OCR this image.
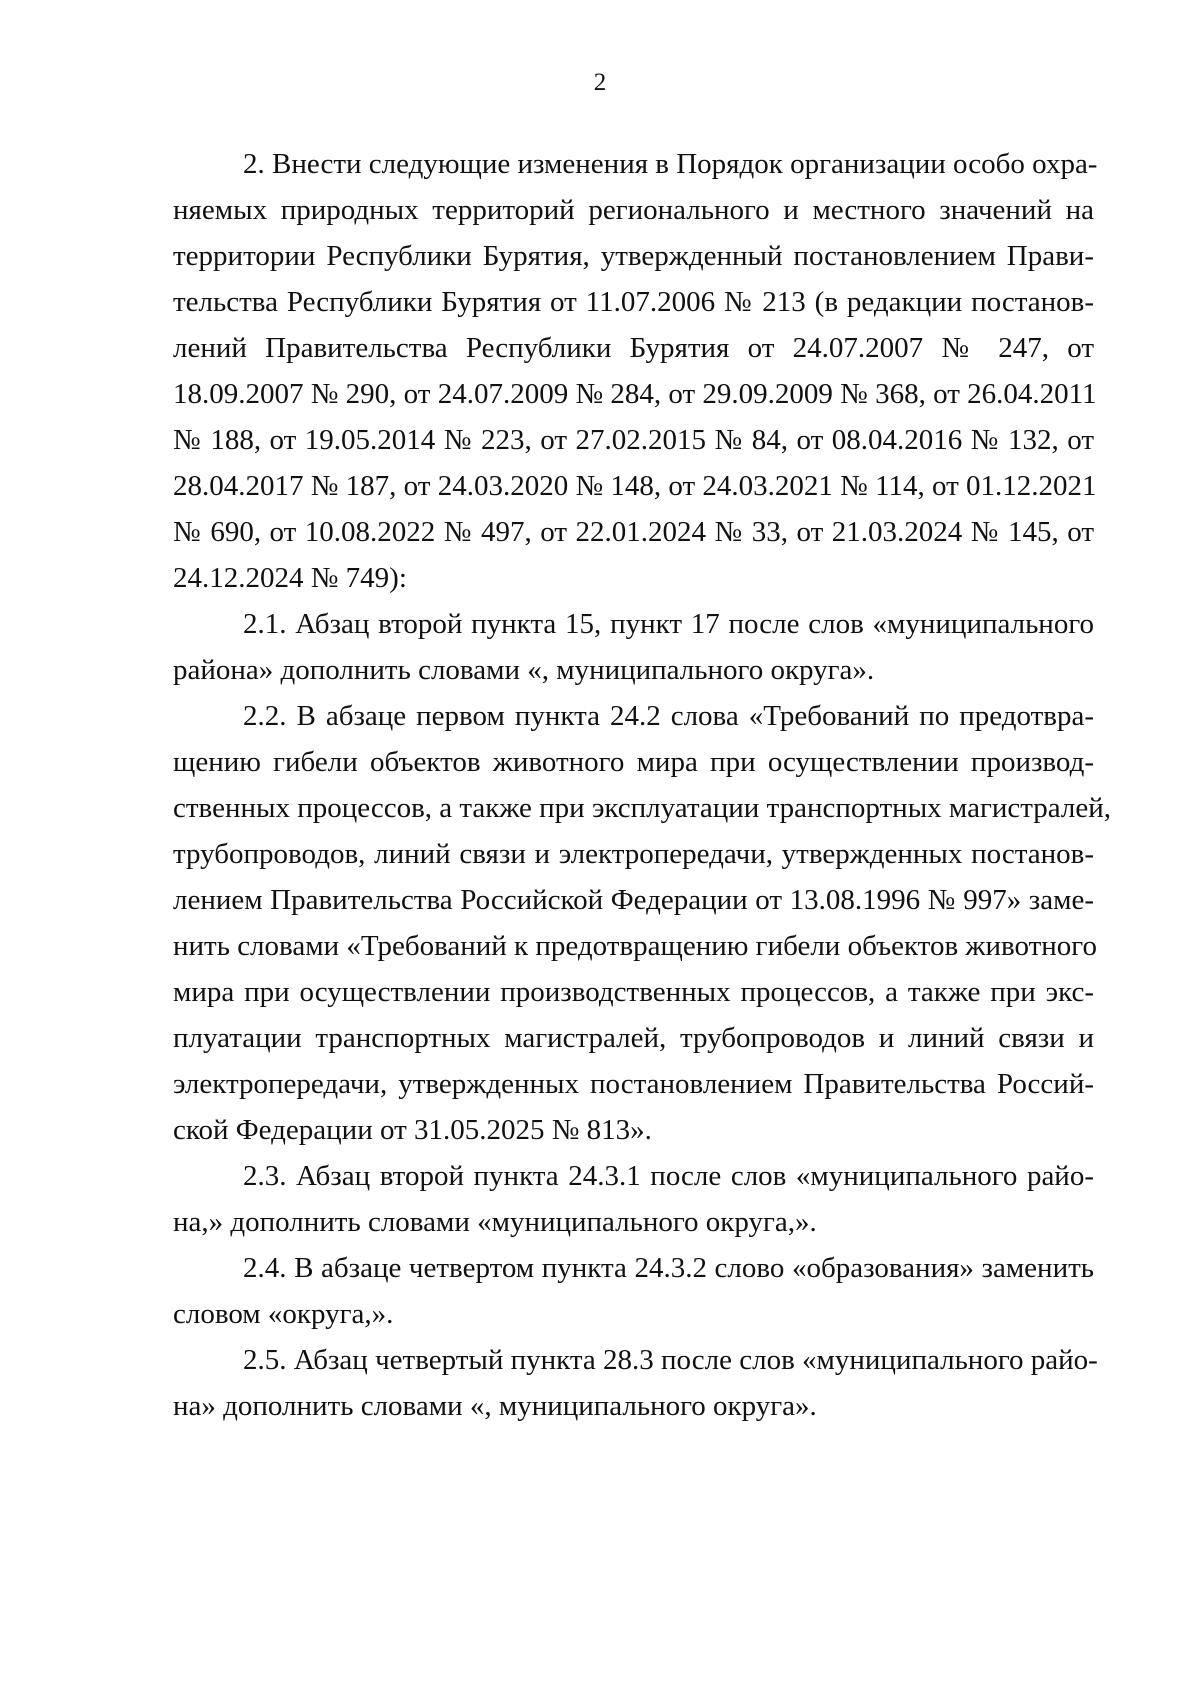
2

2. Внести следующие изменения в Порядок организации особо охра-
няемых природных территорий регионального и местного значений на
территории Республики Бурятия, утвержденный постановлением Прави-
тельства Республики Бурятия от 11.07.2006 № 213 (в редакции постанов-
лений Правительства Республики Бурятия от 24.07.2007 № 247, от
18.09.2007 № 290, от 24.07.2009 № 284, от 29.09.2009 № 368, от 26.04.2011
№ 188, от 19.05.2014 № 223, от 27.02.2015 № 84, от 08.04.2016 № 132, от
28.04.2017 № 187, от 24.03.2020 № 148, от 24.03.2021 № 114, от 01.12.2021
№ 690, от 10.08.2022 № 497, от 22.01.2024 № 33, от 21.03.2024 № 145, от
24.12.2024 № 749):

2.1. Абзац второй пункта 15, пункт 17 после слов «муниципального
района» дополнить словами «, муниципального округа».

2.2. В абзаце первом пункта 24.2 слова «Требований по предотвра-
щению гибели объектов животного мира при осуществлении производ-
ственных процессов, а также при эксплуатации транспортных магистралей,
трубопроводов, линий связи и электропередачи, утвержденных постанов-
лением Правительства Российской Федерации от 13.08.1996 № 997» заме-
нить словами «Требований к предотвращению гибели объектов животного
мира при осуществлении производственных процессов, а также при экс-
плуатации транспортных магистралей, трубопроводов и линий связи и
электропередачи, утвержденных постановлением Правительства Россий-
ской Федерации от 31.05.2025 № 813».

2.3. Абзац второй пункта 24.3.1 после слов «муниципального райо-
на,» дополнить словами «муниципального округа,».

2.4. В абзаце четвертом пункта 24.3.2 слово «образования» заменить
словом «округа,».

2.5. Абзац четвертый пункта 28.3 после слов «муниципального райо-
на» дополнить словами «, муниципального округа».
